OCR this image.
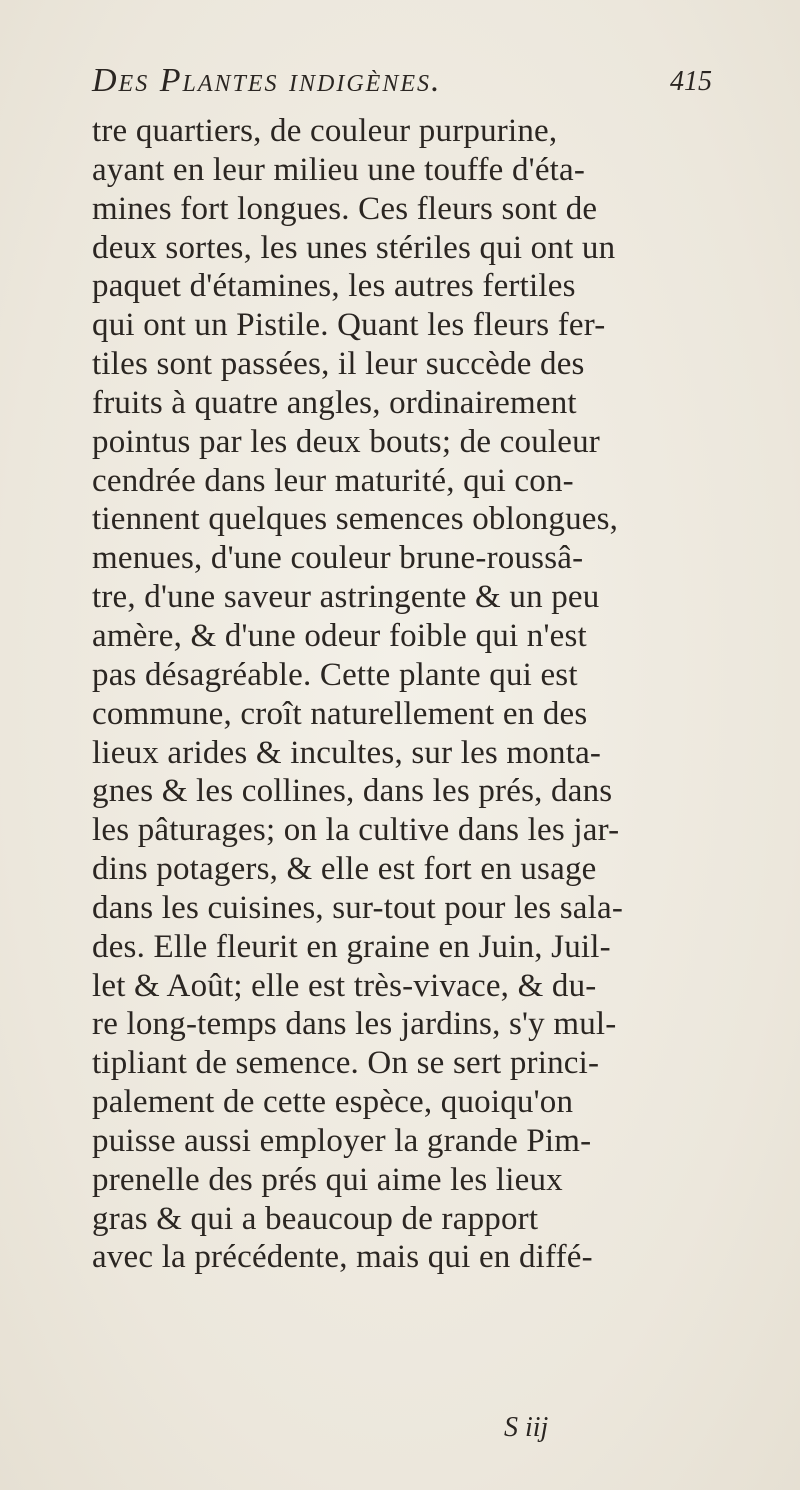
Des Plantes indigènes.	415
tre quartiers, de couleur purpurine,
ayant en leur milieu une touffe d'éta-
mines fort longues. Ces fleurs sont de
deux sortes, les unes stériles qui ont un
paquet d'étamines, les autres fertiles
qui ont un Pistile. Quant les fleurs fer-
tiles sont passées, il leur succède des
fruits à quatre angles, ordinairement
pointus par les deux bouts; de couleur
cendrée dans leur maturité, qui con-
tiennent quelques semences oblongues,
menues, d'une couleur brune-roussâ-
tre, d'une saveur astringente & un peu
amère, & d'une odeur foible qui n'est
pas désagréable. Cette plante qui est
commune, croît naturellement en des
lieux arides & incultes, sur les monta-
gnes & les collines, dans les prés, dans
les pâturages; on la cultive dans les jar-
dins potagers, & elle est fort en usage
dans les cuisines, sur-tout pour les sala-
des. Elle fleurit en graine en Juin, Juil-
let & Août; elle est très-vivace, & du-
re long-temps dans les jardins, s'y mul-
tipliant de semence. On se sert princi-
palement de cette espèce, quoiqu'on
puisse aussi employer la grande Pim-
prenelle des prés qui aime les lieux
gras & qui a beaucoup de rapport
avec la précédente, mais qui en diffé-
S iij
